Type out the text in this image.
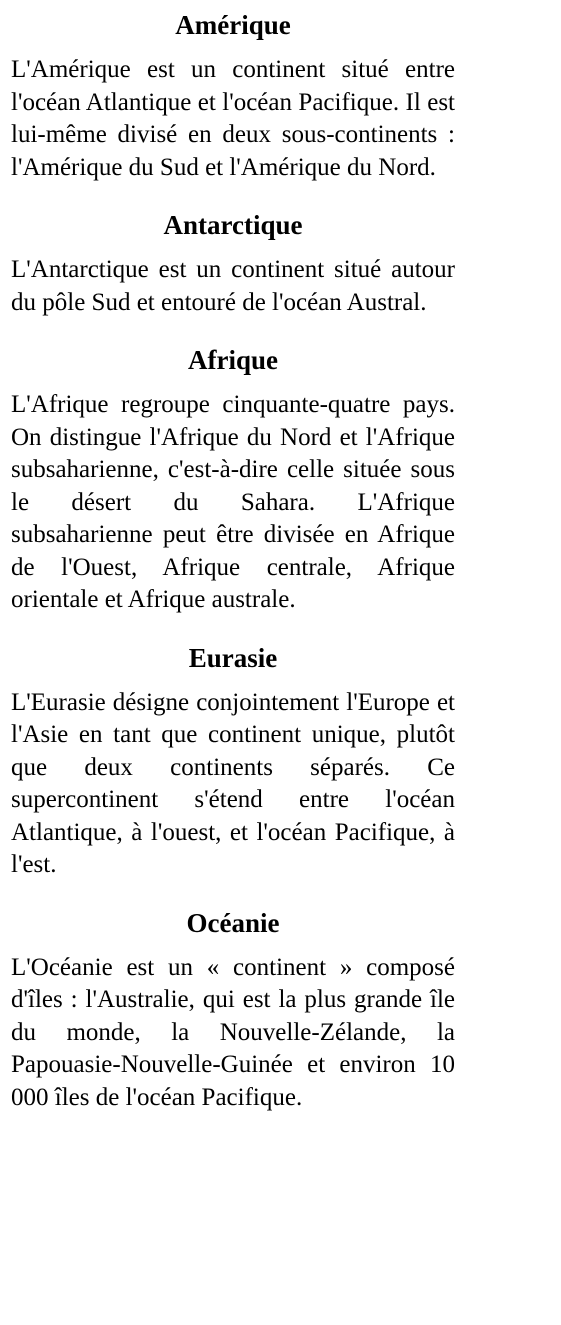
Amérique

L'Amérique est un continent situé entre l'océan Atlantique et l'océan Pacifique. Il est lui-même divisé en deux sous-continents : l'Amérique du Sud et l'Amérique du Nord.

Antarctique

L'Antarctique est un continent situé autour du pôle Sud et entouré de l'océan Austral.

Afrique

L'Afrique regroupe cinquante-quatre pays. On distingue l'Afrique du Nord et l'Afrique subsaharienne, c'est-à-dire celle située sous le désert du Sahara. L'Afrique subsaharienne peut être divisée en Afrique de l'Ouest, Afrique centrale, Afrique orientale et Afrique australe.

Eurasie

L'Eurasie désigne conjointement l'Europe et l'Asie en tant que continent unique, plutôt que deux continents séparés. Ce supercontinent s'étend entre l'océan Atlantique, à l'ouest, et l'océan Pacifique, à l'est.

Océanie

L'Océanie est un « continent » composé d'îles : l'Australie, qui est la plus grande île du monde, la Nouvelle-Zélande, la Papouasie-Nouvelle-Guinée et environ 10 000 îles de l'océan Pacifique.
